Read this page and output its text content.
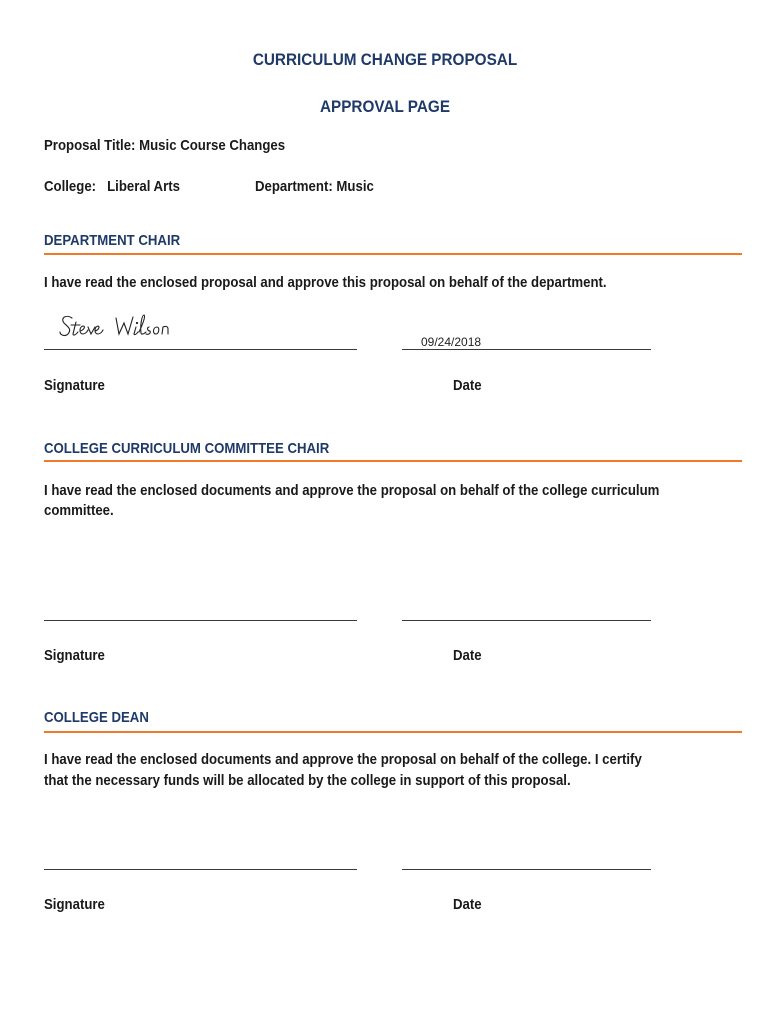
CURRICULUM CHANGE PROPOSAL
APPROVAL PAGE
Proposal Title: Music Course Changes
College: Liberal Arts	Department: Music
DEPARTMENT CHAIR
I have read the enclosed proposal and approve this proposal on behalf of the department.
09/24/2018
Signature	Date
COLLEGE CURRICULUM COMMITTEE CHAIR
I have read the enclosed documents and approve the proposal on behalf of the college curriculum
committee.
Signature	Date
COLLEGE DEAN
I have read the enclosed documents and approve the proposal on behalf of the college. I certify
that the necessary funds will be allocated by the college in support of this proposal.
Signature	Date
